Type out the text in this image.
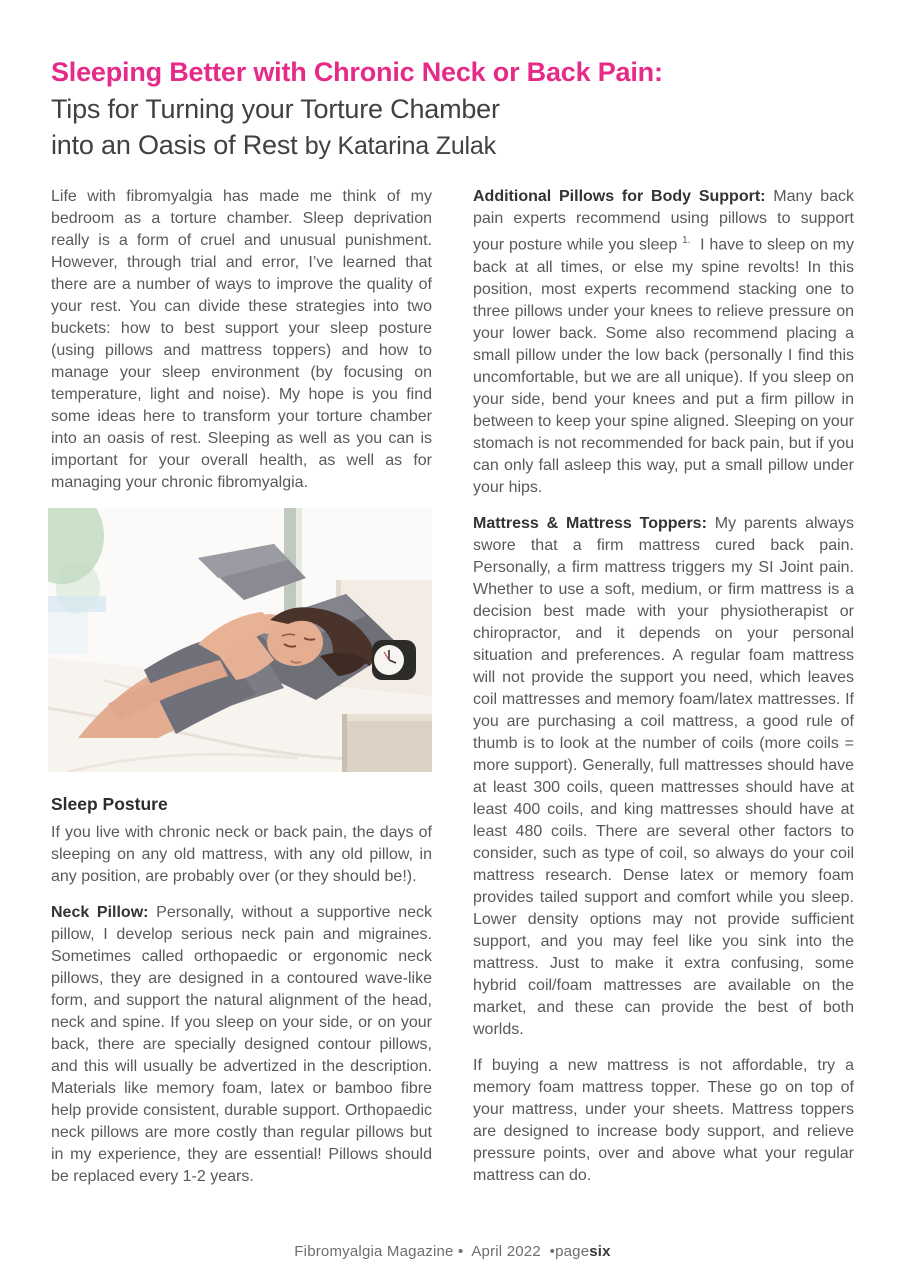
Sleeping Better with Chronic Neck or Back Pain:
Tips for Turning your Torture Chamber
into an Oasis of Rest by Katarina Zulak

Life with fibromyalgia has made me think of my bedroom as a torture chamber. Sleep deprivation really is a form of cruel and unusual punishment. However, through trial and error, I’ve learned that there are a number of ways to improve the quality of your rest. You can divide these strategies into two buckets: how to best support your sleep posture (using pillows and mattress toppers) and how to manage your sleep environment (by focusing on temperature, light and noise). My hope is you find some ideas here to transform your torture chamber into an oasis of rest. Sleeping as well as you can is important for your overall health, as well as for managing your chronic fibromyalgia.

Sleep Posture

If you live with chronic neck or back pain, the days of sleeping on any old mattress, with any old pillow, in any position, are probably over (or they should be!).

Neck Pillow: Personally, without a supportive neck pillow, I develop serious neck pain and migraines. Sometimes called orthopaedic or ergonomic neck pillows, they are designed in a contoured wave-like form, and support the natural alignment of the head, neck and spine. If you sleep on your side, or on your back, there are specially designed contour pillows, and this will usually be advertized in the description. Materials like memory foam, latex or bamboo fibre help provide consistent, durable support. Orthopaedic neck pillows are more costly than regular pillows but in my experience, they are essential! Pillows should be replaced every 1-2 years.

Additional Pillows for Body Support: Many back pain experts recommend using pillows to support your posture while you sleep $^{1.}$ I have to sleep on my back at all times, or else my spine revolts! In this position, most experts recommend stacking one to three pillows under your knees to relieve pressure on your lower back. Some also recommend placing a small pillow under the low back (personally I find this uncomfortable, but we are all unique). If you sleep on your side, bend your knees and put a firm pillow in between to keep your spine aligned. Sleeping on your stomach is not recommended for back pain, but if you can only fall asleep this way, put a small pillow under your hips.

Mattress & Mattress Toppers: My parents always swore that a firm mattress cured back pain. Personally, a firm mattress triggers my SI Joint pain. Whether to use a soft, medium, or firm mattress is a decision best made with your physiotherapist or chiropractor, and it depends on your personal situation and preferences. A regular foam mattress will not provide the support you need, which leaves coil mattresses and memory foam/latex mattresses. If you are purchasing a coil mattress, a good rule of thumb is to look at the number of coils (more coils = more support). Generally, full mattresses should have at least 300 coils, queen mattresses should have at least 400 coils, and king mattresses should have at least 480 coils. There are several other factors to consider, such as type of coil, so always do your coil mattress research. Dense latex or memory foam provides tailed support and comfort while you sleep. Lower density options may not provide sufficient support, and you may feel like you sink into the mattress. Just to make it extra confusing, some hybrid coil/foam mattresses are available on the market, and these can provide the best of both worlds.

If buying a new mattress is not affordable, try a memory foam mattress topper. These go on top of your mattress, under your sheets. Mattress toppers are designed to increase body support, and relieve pressure points, over and above what your regular mattress can do.

Fibromyalgia Magazine • April 2022 •pagesix
